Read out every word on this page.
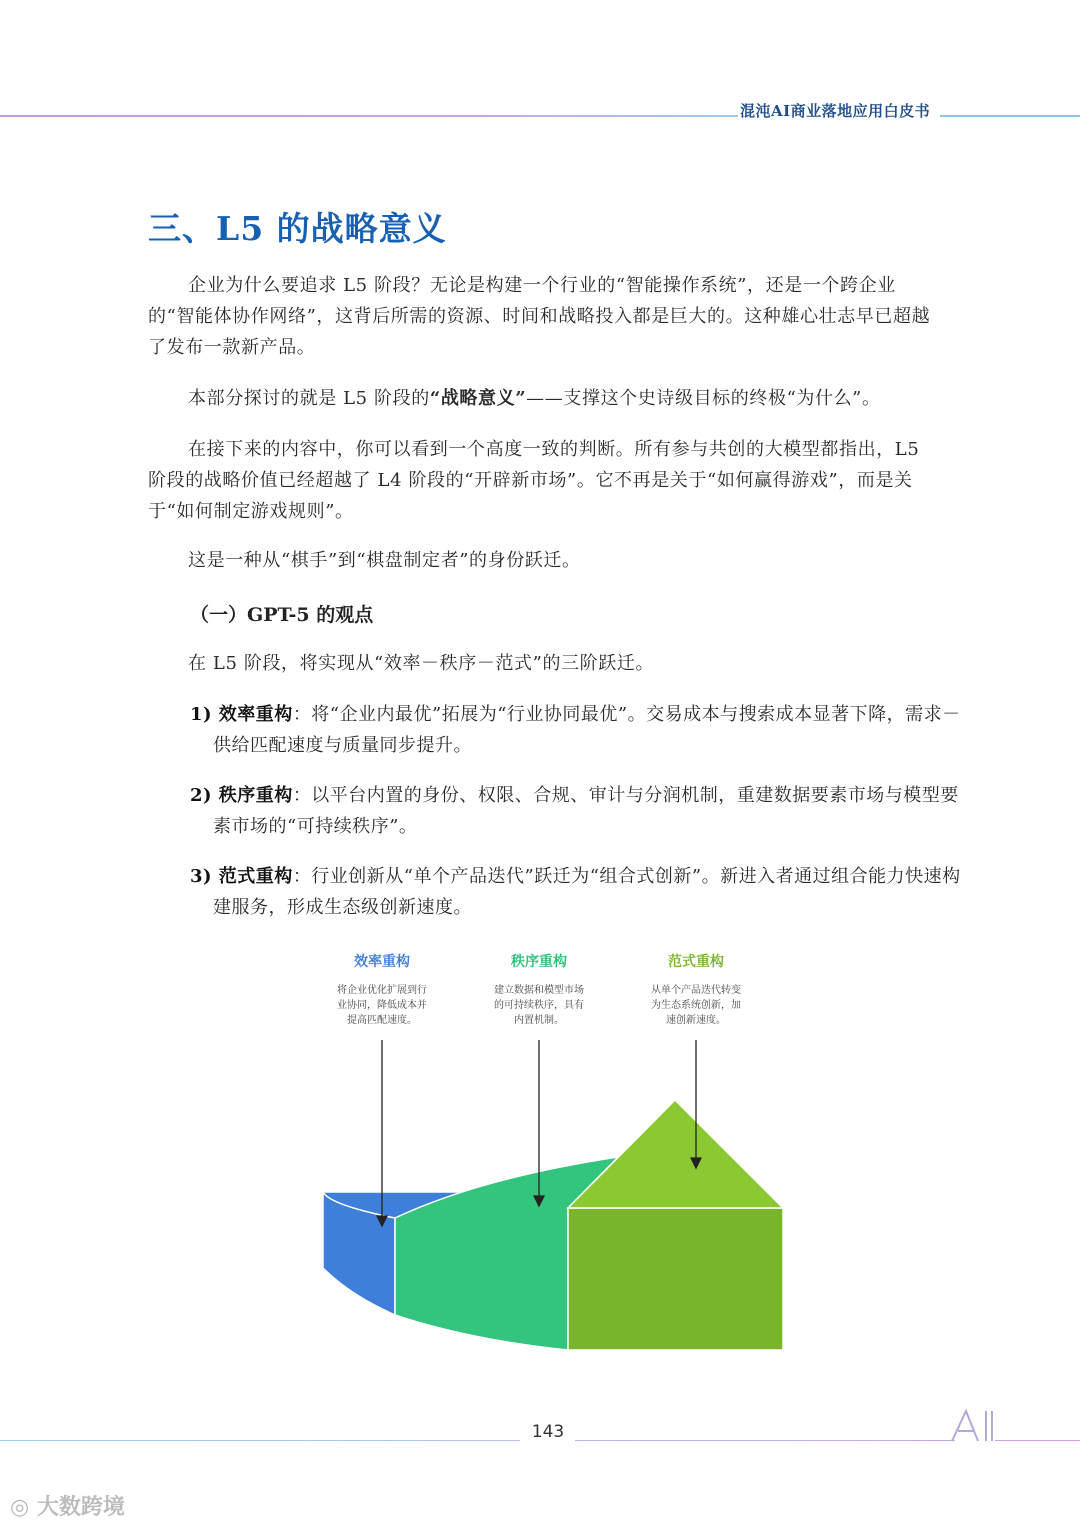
混沌AI商业落地应用白皮书
三、L5 的战略意义
企业为什么要追求 L5 阶段？无论是构建一个行业的“智能操作系统”，还是一个跨企业的“智能体协作网络”，这背后所需的资源、时间和战略投入都是巨大的。这种雄心壮志早已超越了发布一款新产品。
本部分探讨的就是 L5 阶段的“战略意义”——支撑这个史诗级目标的终极“为什么”。
在接下来的内容中，你可以看到一个高度一致的判断。所有参与共创的大模型都指出，L5 阶段的战略价值已经超越了 L4 阶段的“开辟新市场”。它不再是关于“如何赢得游戏”，而是关于“如何制定游戏规则”。
这是一种从“棋手”到“棋盘制定者”的身份跃迁。
（一）GPT-5 的观点
在 L5 阶段，将实现从“效率－秩序－范式”的三阶跃迁。
1) 效率重构：将“企业内最优”拓展为“行业协同最优”。交易成本与搜索成本显著下降，需求－供给匹配速度与质量同步提升。
2) 秩序重构：以平台内置的身份、权限、合规、审计与分润机制，重建数据要素市场与模型要素市场的“可持续秩序”。
3) 范式重构：行业创新从“单个产品迭代”跃迁为“组合式创新”。新进入者通过组合能力快速构建服务，形成生态级创新速度。
效率重构	秩序重构	范式重构
将企业优化扩展到行
业协同，降低成本并
提高匹配速度。
建立数据和模型市场
的可持续秩序，具有
内置机制。
从单个产品迭代转变
为生态系统创新，加
速创新速度。
143
◎ 大数跨境
